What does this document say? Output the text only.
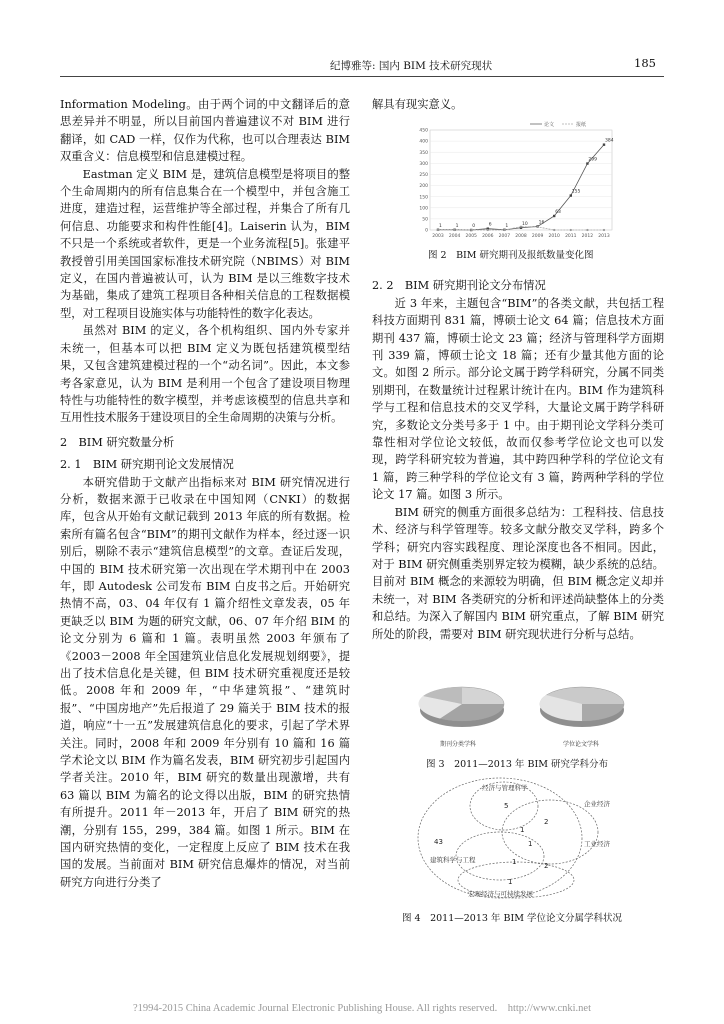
纪博雅等: 国内 BIM 技术研究现状	185

Information Modeling。由于两个词的中文翻译后的意思差异并不明显，所以目前国内普遍建议不对 BIM 进行翻译，如 CAD 一样，仅作为代称，也可以合理表达 BIM 双重含义：信息模型和信息建模过程。

Eastman 定义 BIM 是，建筑信息模型是将项目的整个生命周期内的所有信息集合在一个模型中，并包含施工进度，建造过程，运营维护等全部过程，并集合了所有几何信息、功能要求和构件性能[4]。Laiserin 认为，BIM 不只是一个系统或者软件，更是一个业务流程[5]。张建平教授曾引用美国国家标准技术研究院（NBIMS）对 BIM 定义，在国内普遍被认可，认为 BIM 是以三维数字技术为基础，集成了建筑工程项目各种相关信息的工程数据模型，对工程项目设施实体与功能特性的数字化表达。

虽然对 BIM 的定义，各个机构组织、国内外专家并未统一，但基本可以把 BIM 定义为既包括建筑模型结果，又包含建筑建模过程的一个“动名词”。因此，本文参考各家意见，认为 BIM 是利用一个包含了建设项目物理特性与功能特性的数字模型，并考虑该模型的信息共享和互用性技术服务于建设项目的全生命周期的决策与分析。

2　BIM 研究数量分析

2. 1　BIM 研究期刊论文发展情况

本研究借助于文献产出指标来对 BIM 研究情况进行分析，数据来源于已收录在中国知网（CNKI）的数据库，包含从开始有文献记载到 2013 年底的所有数据。检索所有篇名包含“BIM”的期刊文献作为样本，经过逐一识别后，剔除不表示“建筑信息模型”的文章。查证后发现，中国的 BIM 技术研究第一次出现在学术期刊中在 2003 年，即 Autodesk 公司发布 BIM 白皮书之后。开始研究热情不高，03、04 年仅有 1 篇介绍性文章发表，05 年更缺乏以 BIM 为题的研究文献，06、07 年介绍 BIM 的论文分别为 6 篇和 1 篇。表明虽然 2003 年颁布了《2003－2008 年全国建筑业信息化发展规划纲要》，提出了技术信息化是关键，但 BIM 技术研究重视度还是较低。2008 年和 2009 年，“中华建筑报”、“建筑时报”、“中国房地产”先后报道了 29 篇关于 BIM 技术的报道，响应“十一五”发展建筑信息化的要求，引起了学术界关注。同时，2008 年和 2009 年分别有 10 篇和 16 篇学术论文以 BIM 作为篇名发表，BIM 研究初步引起国内学者关注。2010 年，BIM 研究的数量出现激增，共有 63 篇以 BIM 为篇名的论文得以出版，BIM 的研究热情有所提升。2011 年－2013 年，开启了 BIM 研究的热潮，分别有 155，299，384 篇。如图 1 所示。BIM 在国内研究热情的变化，一定程度上反应了 BIM 技术在我国的发展。当前面对 BIM 研究信息爆炸的情况，对当前研究方向进行分类了

0
50
100
150
200
250
300
350
400
450
1	1	0	6	1	10 16
63
155
299
384
2003 2004 2005 2006 2007 2008 2009 2010 2011 2012 2013
论文	报纸
图 2　BIM 研究期刊及报纸数量变化图
期刊分类学科	学位论文学科
图 3　2011—2013 年 BIM 研究学科分布
经济与管理科学
企业经济
工业经济
建筑科学与工程
宏观经济与可持续发展
5
2
1
1
43
1	2
1
图 4　2011—2013 年 BIM 学位论文分属学科状况

解具有现实意义。

2. 2　BIM 研究期刊论文分布情况

近 3 年来，主题包含“BIM”的各类文献，共包括工程科技方面期刊 831 篇，博硕士论文 64 篇；信息技术方面期刊 437 篇，博硕士论文 23 篇；经济与管理科学方面期刊 339 篇，博硕士论文 18 篇；还有少量其他方面的论文。如图 2 所示。部分论文属于跨学科研究，分属不同类别期刊，在数量统计过程累计统计在内。BIM 作为建筑科学与工程和信息技术的交叉学科，大量论文属于跨学科研究，多数论文分类号多于 1 中。由于期刊论文学科分类可靠性相对学位论文较低，故而仅参考学位论文也可以发现，跨学科研究较为普遍，其中跨四种学科的学位论文有 1 篇，跨三种学科的学位论文有 3 篇，跨两种学科的学位论文 17 篇。如图 3 所示。

BIM 研究的侧重方面很多总结为：工程科技、信息技术、经济与科学管理等。较多文献分散交叉学科，跨多个学科；研究内容实践程度、理论深度也各不相同。因此，对于 BIM 研究侧重类别界定较为模糊，缺少系统的总结。目前对 BIM 概念的来源较为明确，但 BIM 概念定义却并未统一，对 BIM 各类研究的分析和评述尚缺整体上的分类和总结。为深入了解国内 BIM 研究重点，了解 BIM 研究所处的阶段，需要对 BIM 研究现状进行分析与总结。

?1994-2015 China Academic Journal Electronic Publishing House. All rights reserved.　http://www.cnki.net
